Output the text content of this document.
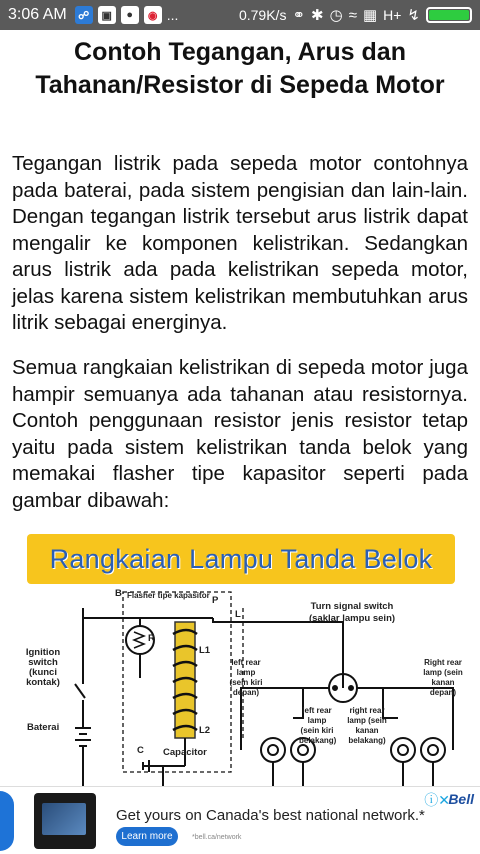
3:06 AM	☍	▣	●	◉ ...	0.79K/s ⚭ ✱ ◷ ≈ ▦ H+ ↯
Contoh Tegangan, Arus dan
Tahanan/Resistor di Sepeda Motor

Tegangan listrik pada sepeda motor contohnya pada baterai, pada sistem pengisian dan lain-lain. Dengan tegangan listrik tersebut arus listrik dapat mengalir ke komponen kelistrikan. Sedangkan arus listrik ada pada kelistrikan sepeda motor, jelas karena sistem kelistrikan membutuhkan arus litrik sebagai energinya.

Semua rangkaian kelistrikan di sepeda motor juga hampir semuanya ada tahanan atau resistornya. Contoh penggunaan resistor jenis resistor tetap yaitu pada sistem kelistrikan tanda belok yang memakai flasher tipe kapasitor seperti pada gambar dibawah:

Rangkaian Lampu Tanda Belok
B Flasher tipe kapasitor P
L
R
L1
L2
C Capacitor
Turn signal switch
(saklar lampu sein)
Ignition switch (kunci kontak)
Baterai
left rear lamp (sein kiri depan)
left rear lamp (sein kiri belakang)
right rear lamp (sein kanan belakang)
Right rear lamp (sein kanan depan)
Get yours on Canada's best national network.*
Learn more	*bell.ca/network
ⓘ✕
Bell
